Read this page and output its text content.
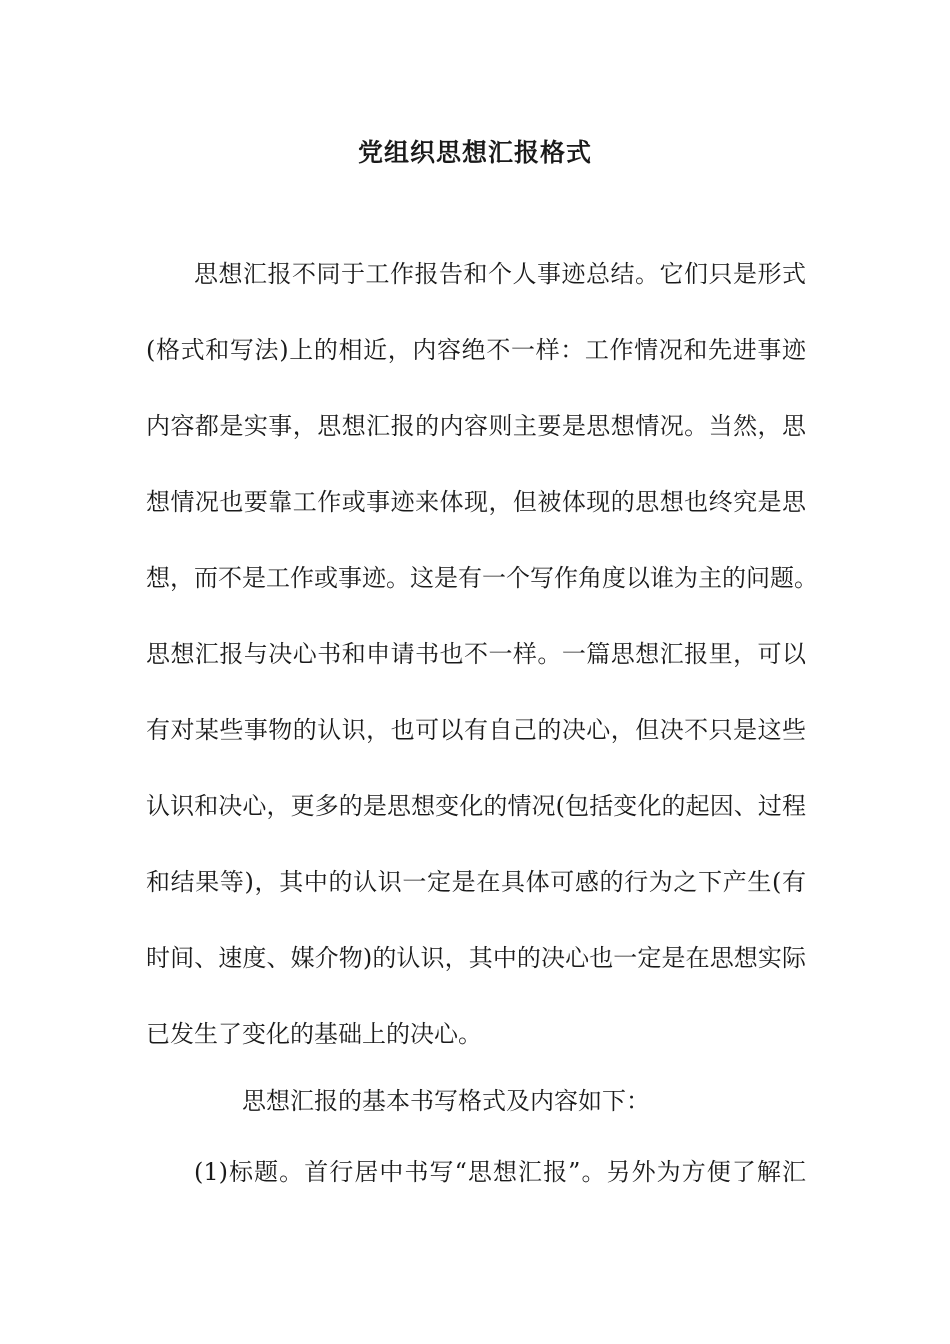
党组织思想汇报格式
思想汇报不同于工作报告和个人事迹总结。它们只是形式
(格式和写法)上的相近，内容绝不一样：工作情况和先进事迹
内容都是实事，思想汇报的内容则主要是思想情况。当然，思
想情况也要靠工作或事迹来体现，但被体现的思想也终究是思
想，而不是工作或事迹。这是有一个写作角度以谁为主的问题。
思想汇报与决心书和申请书也不一样。一篇思想汇报里，可以
有对某些事物的认识，也可以有自己的决心，但决不只是这些
认识和决心，更多的是思想变化的情况(包括变化的起因、过程
和结果等)，其中的认识一定是在具体可感的行为之下产生(有
时间、速度、媒介物)的认识，其中的决心也一定是在思想实际
已发生了变化的基础上的决心。
思想汇报的基本书写格式及内容如下：
(1)标题。首行居中书写“思想汇报”。另外为方便了解汇
